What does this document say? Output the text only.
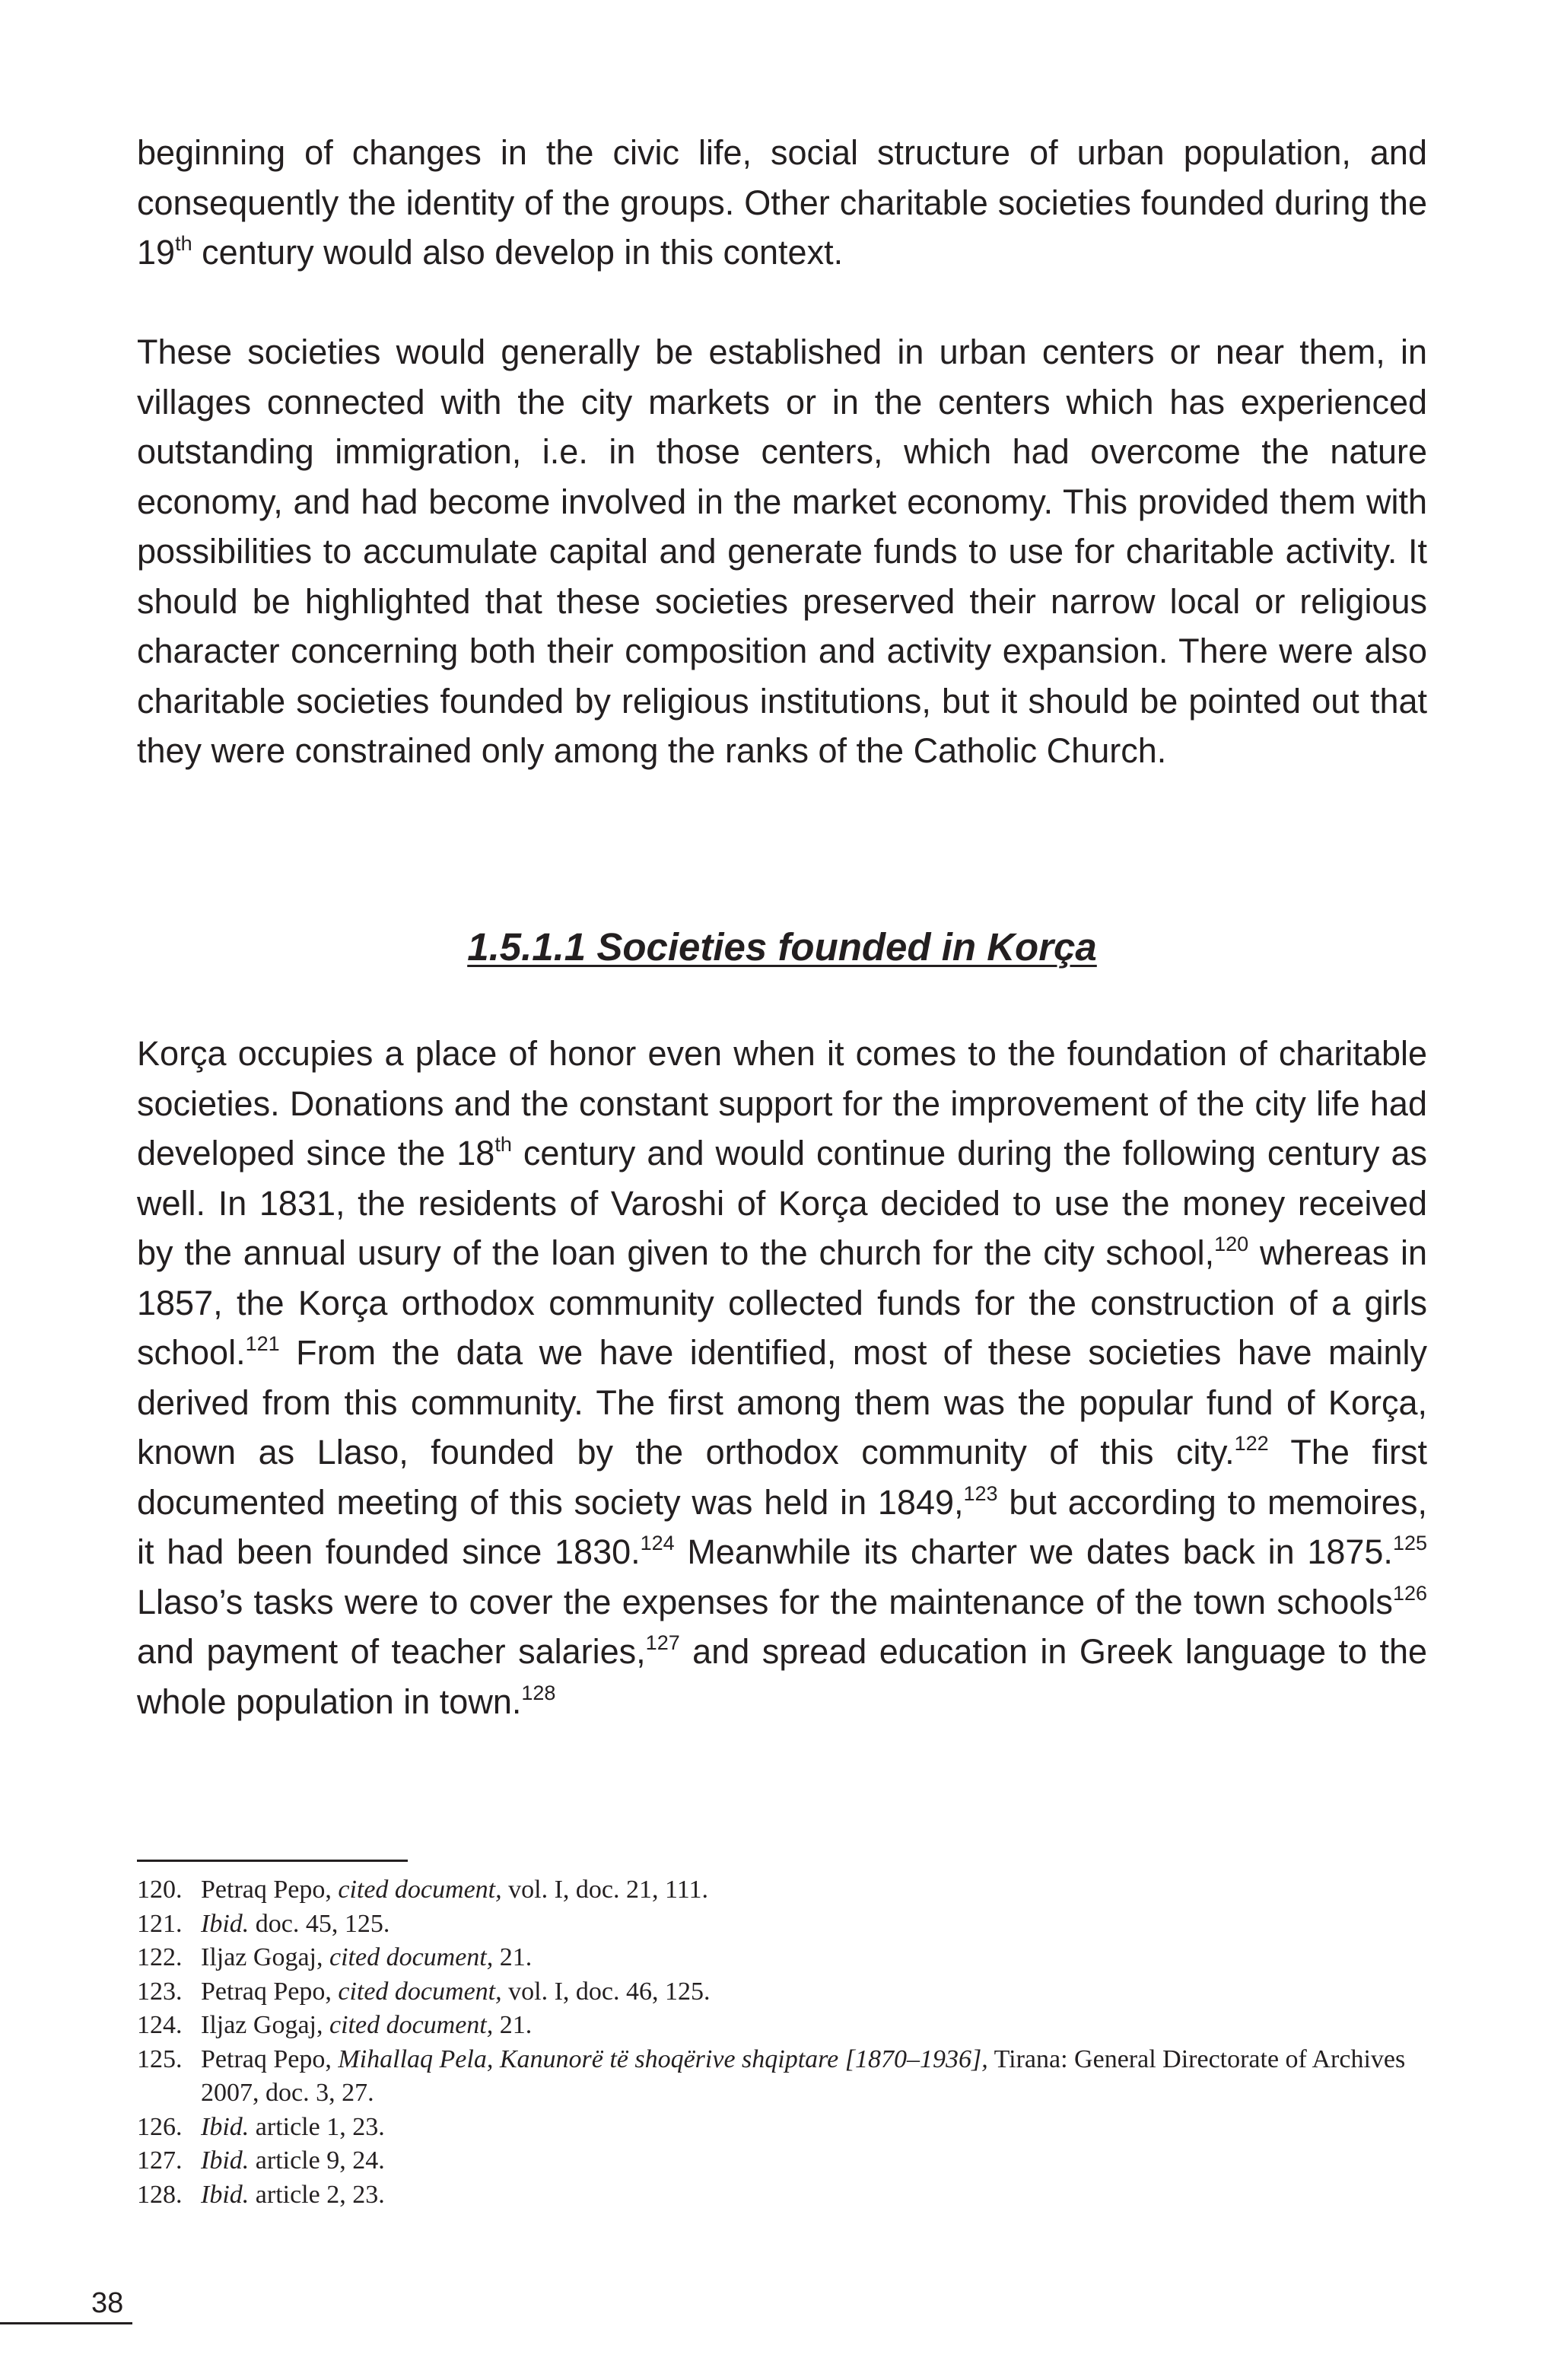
beginning of changes in the civic life, social structure of urban population, and consequently the identity of the groups. Other charitable societies founded during the 19th century would also develop in this context.

These societies would generally be established in urban centers or near them, in villages connected with the city markets or in the centers which has experienced outstanding immigration, i.e. in those centers, which had overcome the nature economy, and had become involved in the market economy. This provided them with possibilities to accumulate capital and generate funds to use for charitable activity. It should be highlighted that these societies preserved their narrow local or religious character concerning both their composition and activity expansion. There were also charitable societies founded by religious institutions, but it should be pointed out that they were constrained only among the ranks of the Catholic Church.

1.5.1.1 Societies founded in Korça

Korça occupies a place of honor even when it comes to the foundation of charitable societies. Donations and the constant support for the improvement of the city life had developed since the 18th century and would continue during the following century as well. In 1831, the residents of Varoshi of Korça decided to use the money received by the annual usury of the loan given to the church for the city school,$^{120}$ whereas in 1857, the Korça orthodox community collected funds for the construction of a girls school.$^{121}$ From the data we have identified, most of these societies have mainly derived from this community. The first among them was the popular fund of Korça, known as Llaso, founded by the orthodox community of this city.$^{122}$ The first documented meeting of this society was held in 1849,$^{123}$ but according to memoires, it had been founded since 1830.$^{124}$ Meanwhile its charter we dates back in 1875.$^{125}$ Llaso’s tasks were to cover the expenses for the maintenance of the town schools$^{126}$ and payment of teacher salaries,$^{127}$ and spread education in Greek language to the whole population in town.$^{128}$

120. Petraq Pepo, cited document, vol. I, doc. 21, 111.
121. Ibid. doc. 45, 125.
122. Iljaz Gogaj, cited document, 21.
123. Petraq Pepo, cited document, vol. I, doc. 46, 125.
124. Iljaz Gogaj, cited document, 21.
125. Petraq Pepo, Mihallaq Pela, Kanunorë të shoqërive shqiptare [1870–1936], Tirana: General Directorate of Archives 2007, doc. 3, 27.
126. Ibid. article 1, 23.
127. Ibid. article 9, 24.
128. Ibid. article 2, 23.
38
